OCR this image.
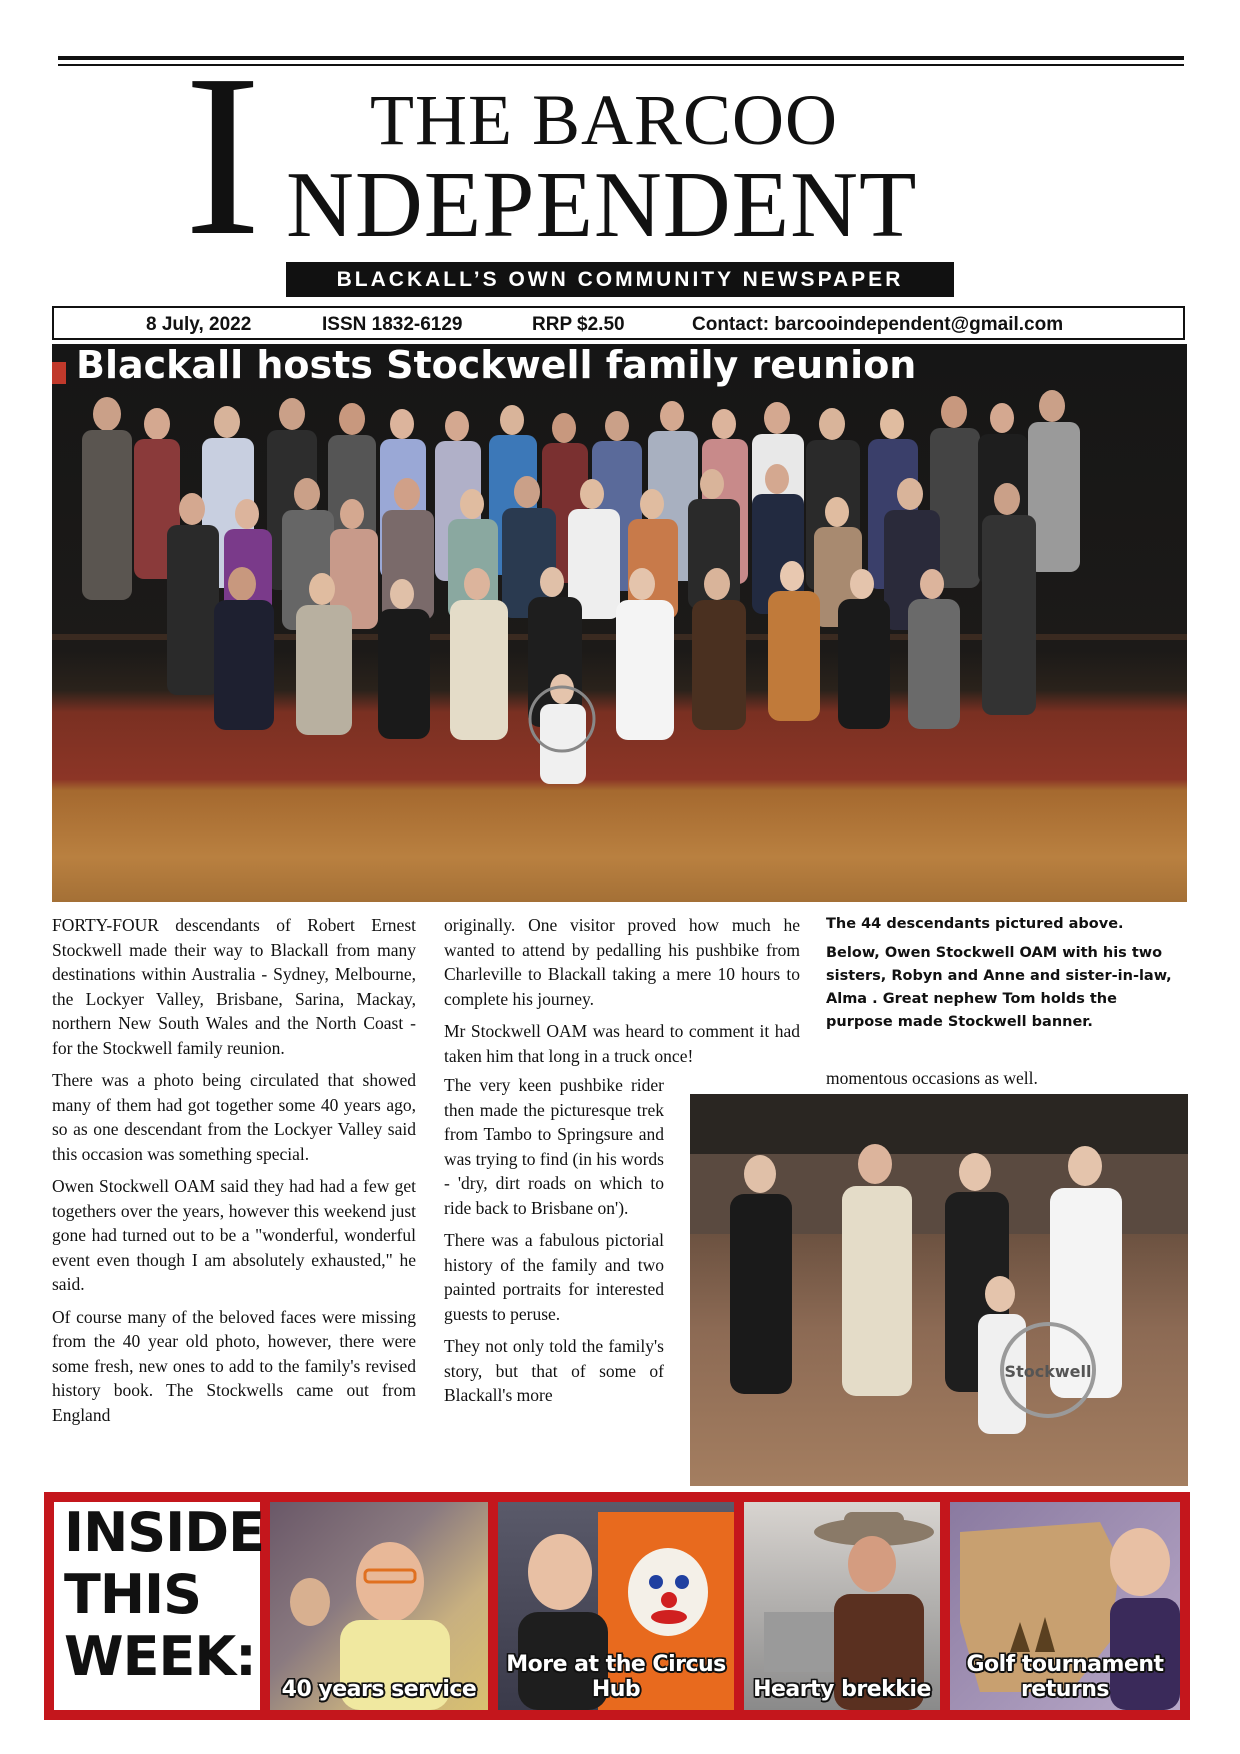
I THE BARCOO
NDEPENDENT
BLACKALL’S OWN COMMUNITY NEWSPAPER
8 July, 2022	ISSN 1832-6129	RRP $2.50	Contact: barcooindependent@gmail.com
Blackall hosts Stockwell family reunion

FORTY-FOUR descendants of Robert Ernest Stockwell made their way to Blackall from many destinations within Australia - Sydney, Melbourne, the Lockyer Valley, Brisbane, Sarina, Mackay, northern New South Wales and the North Coast - for the Stockwell family reunion.

There was a photo being circulated that showed many of them had got together some 40 years ago, so as one descendant from the Lockyer Valley said this occasion was something special.

Owen Stockwell OAM said they had had a few get togethers over the years, however this weekend just gone had turned out to be a "wonderful, wonderful event even though I am absolutely exhausted," he said.

Of course many of the beloved faces were missing from the 40 year old photo, however, there were some fresh, new ones to add to the family's revised history book. The Stockwells came out from England

originally. One visitor proved how much he wanted to attend by pedalling his pushbike from Charleville to Blackall taking a mere 10 hours to complete his journey.

Mr Stockwell OAM was heard to comment it had taken him that long in a truck once!

The very keen pushbike rider then made the picturesque trek from Tambo to Springsure and was trying to find (in his words - 'dry, dirt roads on which to ride back to Brisbane on').

There was a fabulous pictorial history of the family and two painted portraits for interested guests to peruse.

They not only told the family's story, but that of some of Blackall's more

The 44 descendants pictured above.

Below, Owen Stockwell OAM with his two sisters, Robyn and Anne and sister-in-law, Alma . Great nephew Tom holds the purpose made Stockwell banner.

momentous occasions as well.
Stockwell
INSIDE
THIS
WEEK:
40 years service
More at the Circus Hub	Hearty brekkie
Golf tournament returns
